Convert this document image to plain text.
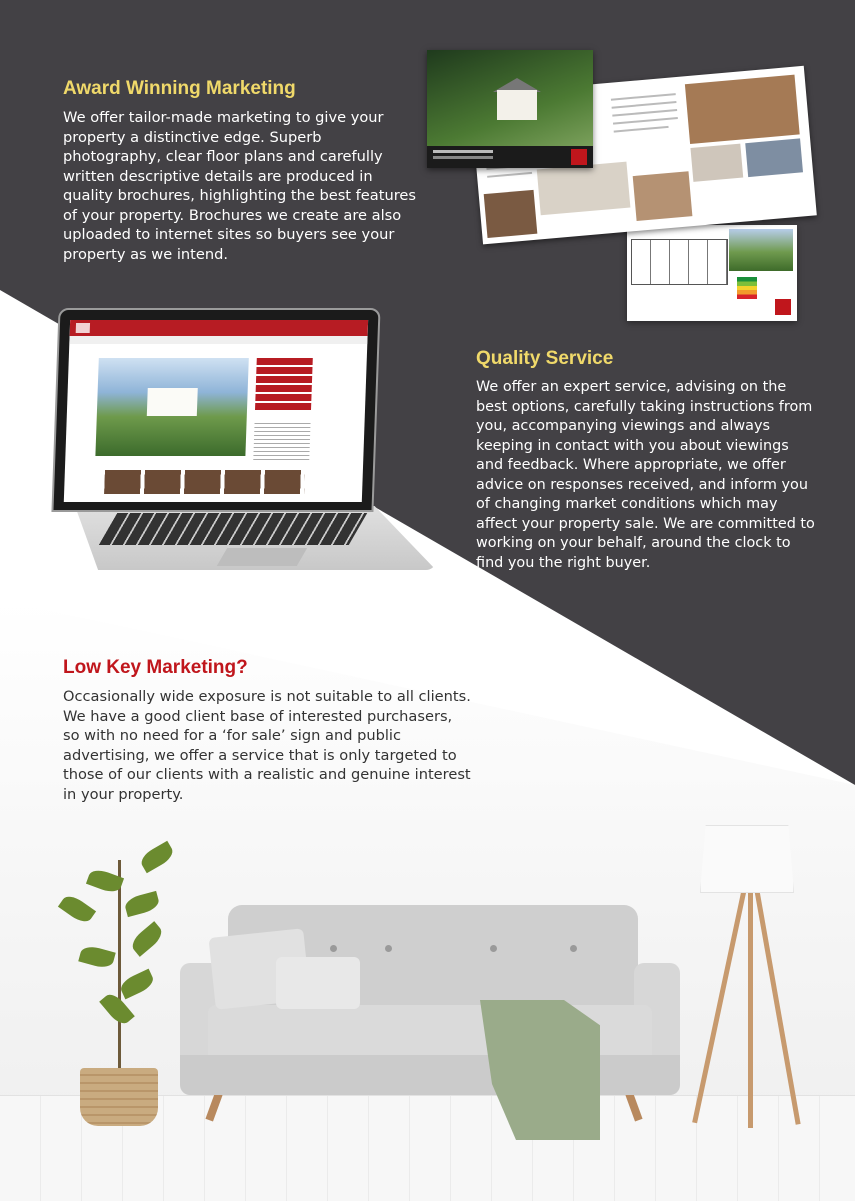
Award Winning Marketing

We offer tailor-made marketing to give your property a distinctive edge. Superb photography, clear floor plans and carefully written descriptive details are produced in quality brochures, highlighting the best features of your property. Brochures we create are also uploaded to internet sites so buyers see your property as we intend.

Quality Service

We offer an expert service, advising on the best options, carefully taking instructions from you, accompanying viewings and always keeping in contact with you about viewings and feedback. Where appropriate, we offer advice on responses received, and inform you of changing market conditions which may affect your property sale. We are committed to working on your behalf, around the clock to find you the right buyer.

Low Key Marketing?

Occasionally wide exposure is not suitable to all clients. We have a good client base of interested purchasers, so with no need for a ‘for sale’ sign and public advertising, we offer a service that is only targeted to those of our clients with a realistic and genuine interest in your property.
